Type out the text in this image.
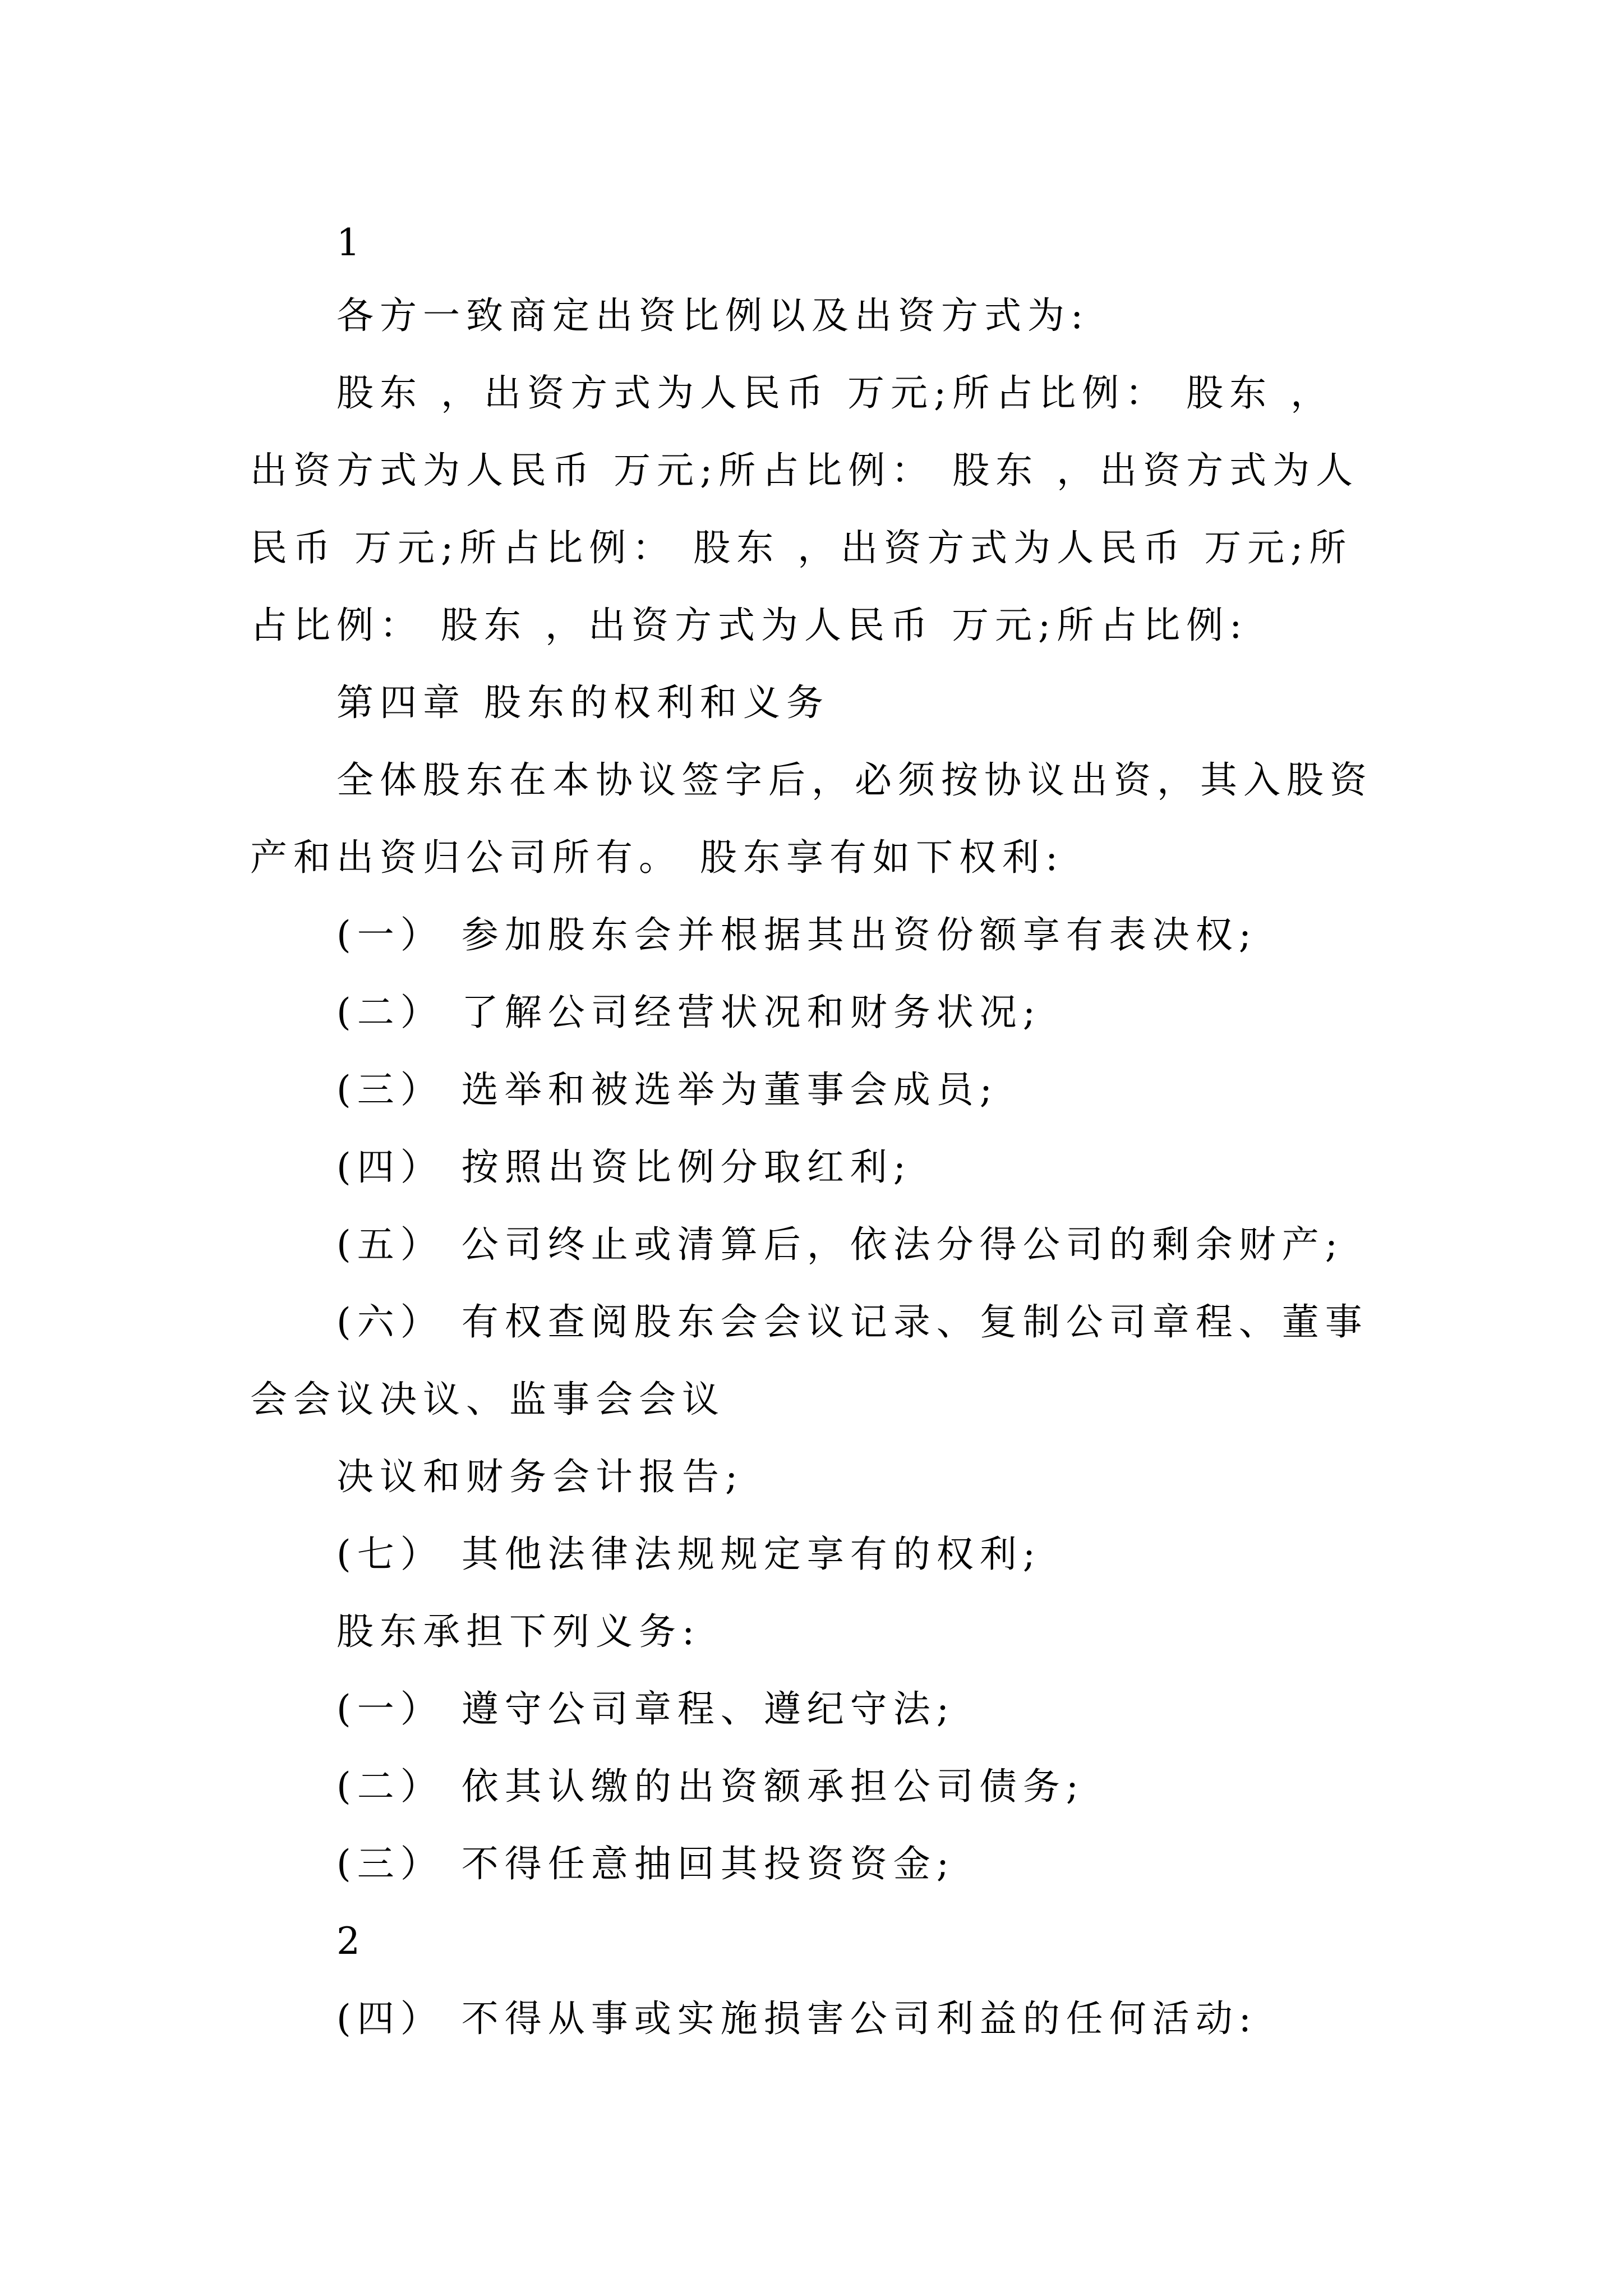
1
各方一致商定出资比例以及出资方式为:
股东 ，出资方式为人民币 万元;所占比例： 股东 ，
出资方式为人民币 万元;所占比例： 股东 ，出资方式为人
民币 万元;所占比例： 股东 ，出资方式为人民币 万元;所
占比例： 股东 ，出资方式为人民币 万元;所占比例:
第四章 股东的权利和义务
全体股东在本协议签字后，必须按协议出资，其入股资
产和出资归公司所有。 股东享有如下权利:
(一） 参加股东会并根据其出资份额享有表决权;
(二） 了解公司经营状况和财务状况;
(三） 选举和被选举为董事会成员;
(四） 按照出资比例分取红利;
(五） 公司终止或清算后，依法分得公司的剩余财产;
(六） 有权查阅股东会会议记录、复制公司章程、董事
会会议决议、监事会会议
决议和财务会计报告;
(七） 其他法律法规规定享有的权利;
股东承担下列义务:
(一） 遵守公司章程、遵纪守法;
(二） 依其认缴的出资额承担公司债务;
(三） 不得任意抽回其投资资金;
2
(四） 不得从事或实施损害公司利益的任何活动:
